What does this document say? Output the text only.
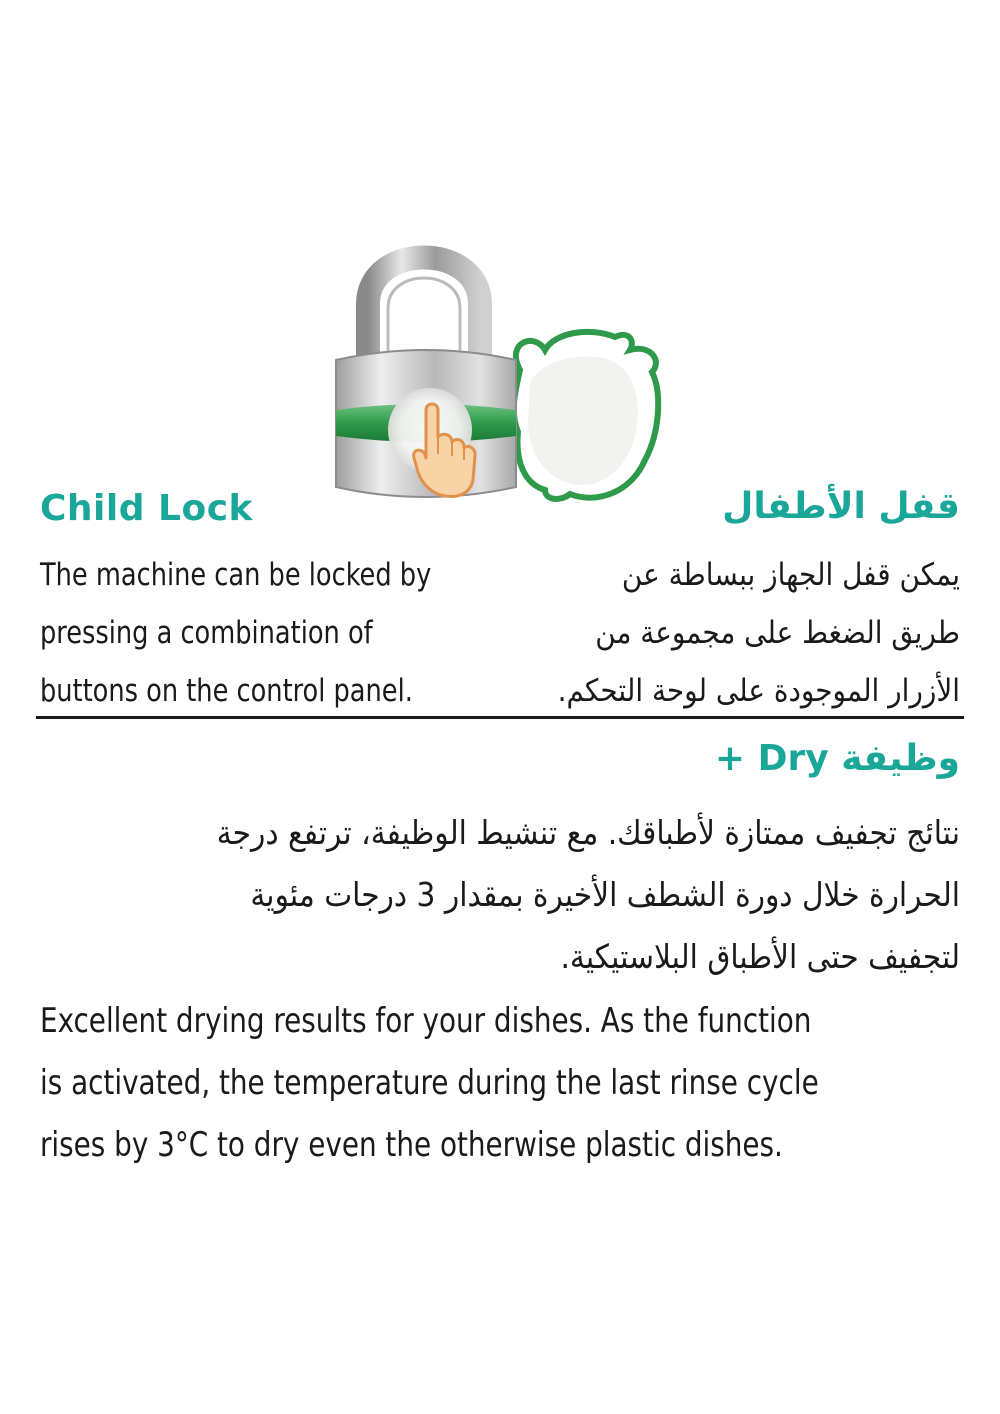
Child Lock	قفل الأطفال
The machine can be locked by
pressing a combination of
buttons on the control panel.
يمكن قفل الجهاز ببساطة عن
طريق الضغط على مجموعة من
الأزرار الموجودة على لوحة التحكم.
وظيفة Dry +
نتائج تجفيف ممتازة لأطباقك. مع تنشيط الوظيفة، ترتفع درجة
الحرارة خلال دورة الشطف الأخيرة بمقدار 3 درجات مئوية
لتجفيف حتى الأطباق البلاستيكية.
Excellent drying results for your dishes. As the function
is activated, the temperature during the last rinse cycle
rises by 3°C to dry even the otherwise plastic dishes.
